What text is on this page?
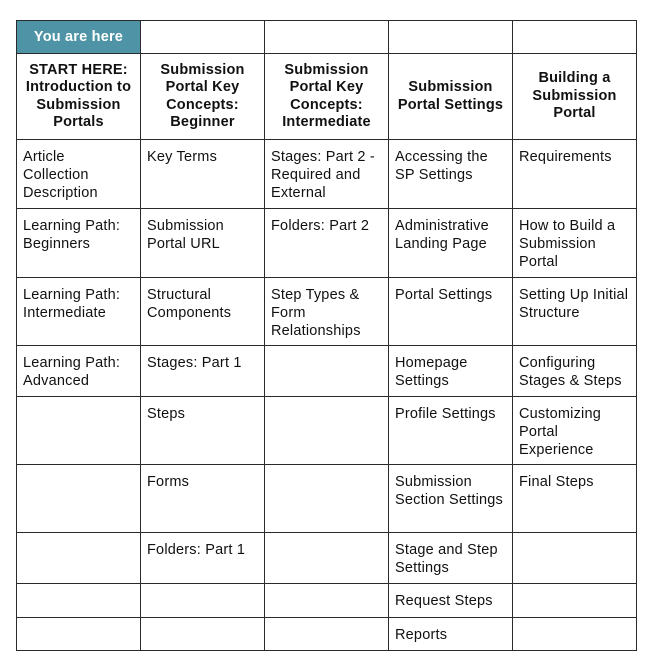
You are here				
START HERE: Introduction to Submission Portals	Submission Portal Key Concepts: Beginner	Submission Portal Key Concepts: Intermediate	Submission Portal Settings	Building a Submission Portal
Article Collection Description	Key Terms	Stages: Part 2 - Required and External	Accessing the SP Settings	Requirements
Learning Path: Beginners	Submission Portal URL	Folders: Part 2	Administrative Landing Page	How to Build a Submission Portal
Learning Path: Intermediate	Structural Components	Step Types & Form Relationships	Portal Settings	Setting Up Initial Structure
Learning Path: Advanced	Stages: Part 1		Homepage Settings	Configuring Stages & Steps
	Steps		Profile Settings	Customizing Portal Experience
	Forms		Submission Section Settings	Final Steps
	Folders: Part 1		Stage and Step Settings	
			Request Steps	
			Reports	
